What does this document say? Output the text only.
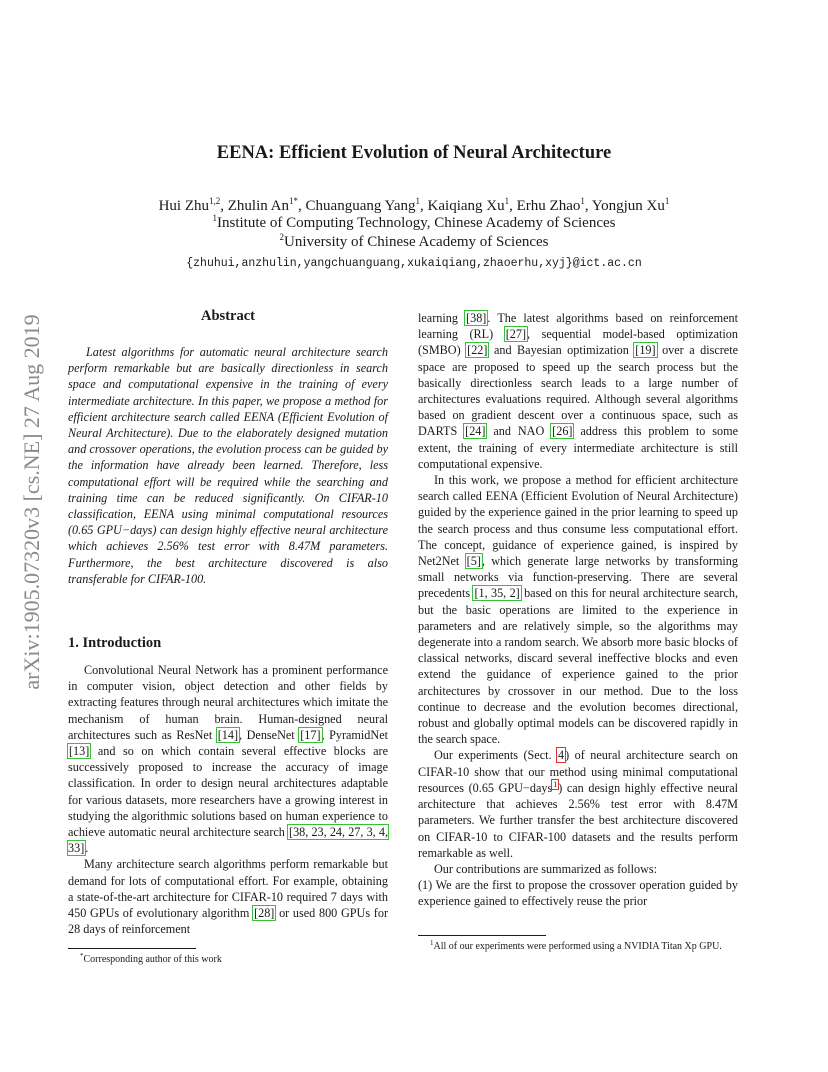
arXiv:1905.07320v3 [cs.NE] 27 Aug 2019
EENA: Efficient Evolution of Neural Architecture
Hui Zhu$^{1,2}$, Zhulin $An^{1*}$, Chuanguang Yang$^1$, Kaiqiang Xu$^1$, Erhu Zhao$^1$, Yongjun Xu$^1$
$^1$Institute of Computing Technology, Chinese Academy of Sciences
$^2$University of Chinese Academy of Sciences
{zhuhui,anzhulin,yangchuanguang,xukaiqiang,zhaoerhu,xyj}@ict.ac.cn
Abstract
Latest algorithms for automatic neural architecture search perform remarkable but are basically directionless in search space and computational expensive in the training of every intermediate architecture. In this paper, we propose a method for efficient architecture search called EENA (Efficient Evolution of Neural Architecture). Due to the elaborately designed mutation and crossover operations, the evolution process can be guided by the information have already been learned. Therefore, less computational effort will be required while the searching and training time can be reduced significantly. On CIFAR-10 classification, EENA using minimal computational resources (0.65 GPU−days) can design highly effective neural architecture which achieves 2.56% test error with 8.47M parameters. Furthermore, the best architecture discovered is also transferable for CIFAR-100.
1. Introduction

Convolutional Neural Network has a prominent performance in computer vision, object detection and other fields by extracting features through neural architectures which imitate the mechanism of human brain. Human-designed neural architectures such as ResNet [14], DenseNet [17], PyramidNet [13] and so on which contain several effective blocks are successively proposed to increase the accuracy of image classification. In order to design neural architectures adaptable for various datasets, more researchers have a growing interest in studying the algorithmic solutions based on human experience to achieve automatic neural architecture search [38, 23, 24, 27, 3, 4, 33].

Many architecture search algorithms perform remarkable but demand for lots of computational effort. For example, obtaining a state-of-the-art architecture for CIFAR-10 required 7 days with 450 GPUs of evolutionary algorithm [28] or used 800 GPUs for 28 days of reinforcement

*Corresponding author of this work

learning [38]. The latest algorithms based on reinforcement learning (RL) [27], sequential model-based optimization (SMBO) [22] and Bayesian optimization [19] over a discrete space are proposed to speed up the search process but the basically directionless search leads to a large number of architectures evaluations required. Although several algorithms based on gradient descent over a continuous space, such as DARTS [24] and NAO [26] address this problem to some extent, the training of every intermediate architecture is still computational expensive.

In this work, we propose a method for efficient architecture search called EENA (Efficient Evolution of Neural Architecture) guided by the experience gained in the prior learning to speed up the search process and thus consume less computational effort. The concept, guidance of experience gained, is inspired by Net2Net [5], which generate large networks by transforming small networks via function-preserving. There are several precedents [1, 35, 2] based on this for neural architecture search, but the basic operations are limited to the experience in parameters and are relatively simple, so the algorithms may degenerate into a random search. We absorb more basic blocks of classical networks, discard several ineffective blocks and even extend the guidance of experience gained to the prior architectures by crossover in our method. Due to the loss continue to decrease and the evolution becomes directional, robust and globally optimal models can be discovered rapidly in the search space.

Our experiments (Sect. 4) of neural architecture search on CIFAR-10 show that our method using minimal computational resources (0.65 GPU−days$^1$) can design highly effective neural architecture that achieves 2.56% test error with 8.47M parameters. We further transfer the best architecture discovered on CIFAR-10 to CIFAR-100 datasets and the results perform remarkable as well.

Our contributions are summarized as follows:

(1) We are the first to propose the crossover operation guided by experience gained to effectively reuse the prior

$^1$All of our experiments were performed using a NVIDIA Titan Xp GPU.
